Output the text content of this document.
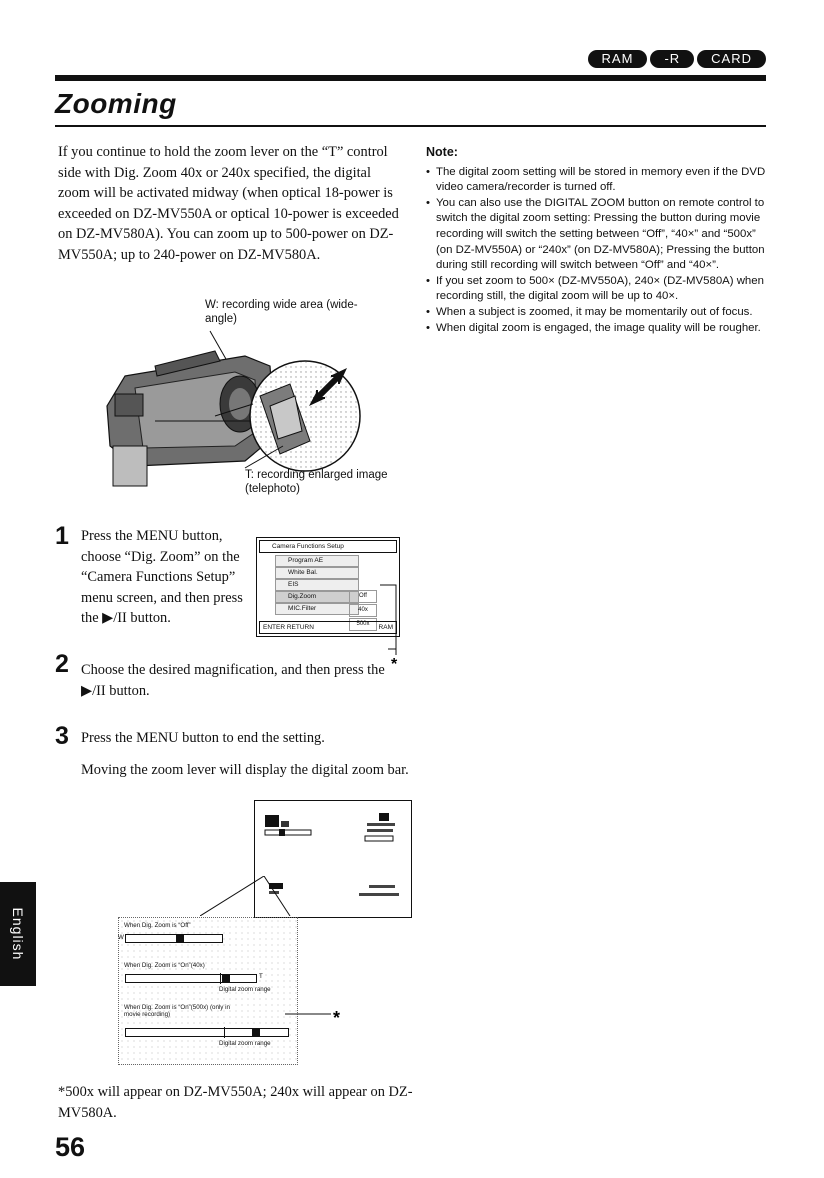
RAM	-R	CARD
Zooming
If you continue to hold the zoom lever on the “T” control side with Dig. Zoom 40x or 240x specified, the digital zoom will be activated midway (when optical 18-power is exceeded on DZ-MV550A or optical 10-power is exceeded on DZ-MV580A). You can zoom up to 500-power on DZ-MV550A; up to 240-power on DZ-MV580A.
W: recording wide area (wide-angle)
T: recording enlarged image (telephoto)
Note:
• The digital zoom setting will be stored in memory even if the DVD video camera/recorder is turned off.
• You can also use the DIGITAL ZOOM button on remote control to switch the digital zoom setting: Pressing the button during movie recording will switch the setting between “Off”, “40×” and “500x” (on DZ-MV550A) or “240x” (on DZ-MV580A); Pressing the button during still recording will switch between “Off” and “40×”.
• If you set zoom to 500× (DZ-MV550A), 240× (DZ-MV580A) when recording still, the digital zoom will be up to 40×.
• When a subject is zoomed, it may be momentarily out of focus.
• When digital zoom is engaged, the image quality will be rougher.
1 Press the MENU button, choose “Dig. Zoom” on the “Camera Functions Setup” menu screen, and then press the ▶/II button.
Camera Functions Setup
Program AE
White Bal.
EIS
Dig.Zoom
MIC.Filter
Off
40x
500x
ENTER RETURN	RAM
*
2 Choose the desired magnification, and then press the ▶/II button.
3 Press the MENU button to end the setting.
Moving the zoom lever will display the digital zoom bar.
When Dig. Zoom is “Off”
W
When Dig. Zoom is “On”(40x)
T
Digital zoom range
When Dig. Zoom is “On”(500x) (only in movie recording)
Digital zoom range
*
*500x will appear on DZ-MV550A; 240x will appear on DZ-MV580A.
56
English
